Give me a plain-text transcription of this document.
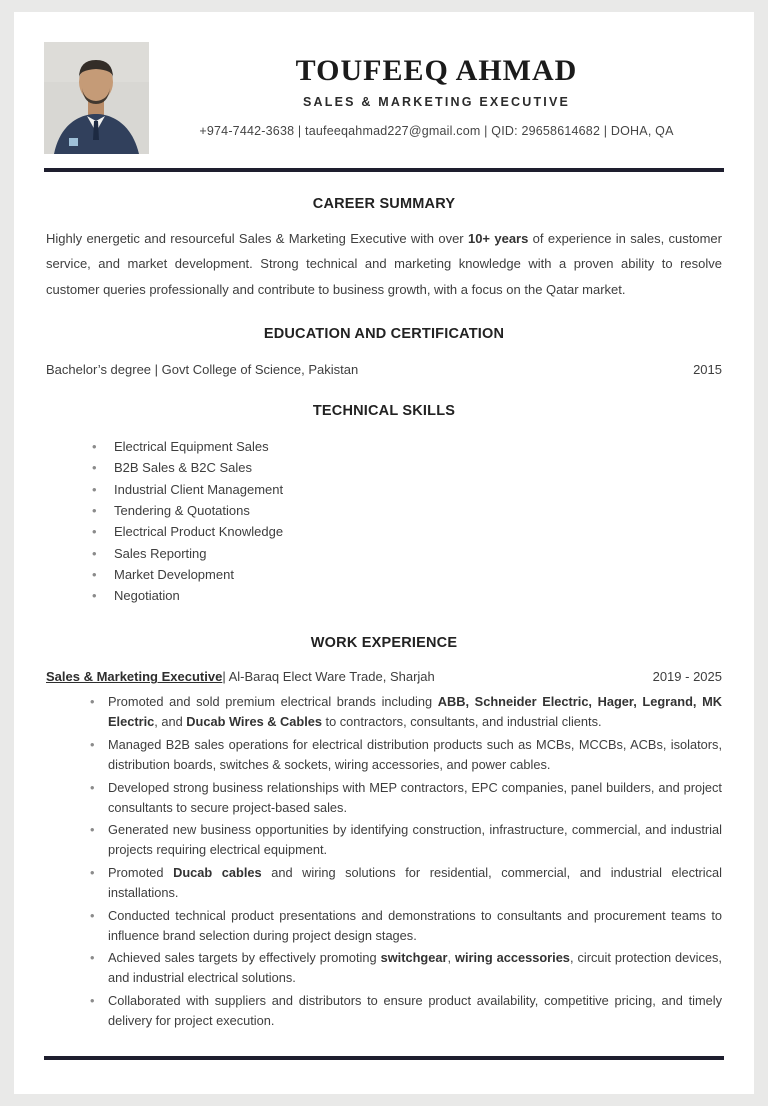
TOUFEEQ AHMAD
SALES & MARKETING EXECUTIVE
+974-7442-3638 | taufeeqahmad227@gmail.com | QID: 29658614682 | DOHA, QA
CAREER SUMMARY

Highly energetic and resourceful Sales & Marketing Executive with over 10+ years of experience in sales, customer service, and market development. Strong technical and marketing knowledge with a proven ability to resolve customer queries professionally and contribute to business growth, with a focus on the Qatar market.

EDUCATION AND CERTIFICATION
Bachelor’s degree | Govt College of Science, Pakistan	2015
TECHNICAL SKILLS
• Electrical Equipment Sales
• B2B Sales & B2C Sales
• Industrial Client Management
• Tendering & Quotations
• Electrical Product Knowledge
• Sales Reporting
• Market Development
• Negotiation
WORK EXPERIENCE
Sales & Marketing Executive| Al-Baraq Elect Ware Trade, Sharjah	2019 - 2025
• Promoted and sold premium electrical brands including ABB, Schneider Electric, Hager, Legrand, MK Electric, and Ducab Wires & Cables to contractors, consultants, and industrial clients.
• Managed B2B sales operations for electrical distribution products such as MCBs, MCCBs, ACBs, isolators, distribution boards, switches & sockets, wiring accessories, and power cables.
• Developed strong business relationships with MEP contractors, EPC companies, panel builders, and project consultants to secure project-based sales.
• Generated new business opportunities by identifying construction, infrastructure, commercial, and industrial projects requiring electrical equipment.
• Promoted Ducab cables and wiring solutions for residential, commercial, and industrial electrical installations.
• Conducted technical product presentations and demonstrations to consultants and procurement teams to influence brand selection during project design stages.
• Achieved sales targets by effectively promoting switchgear, wiring accessories, circuit protection devices, and industrial electrical solutions.
• Collaborated with suppliers and distributors to ensure product availability, competitive pricing, and timely delivery for project execution.
